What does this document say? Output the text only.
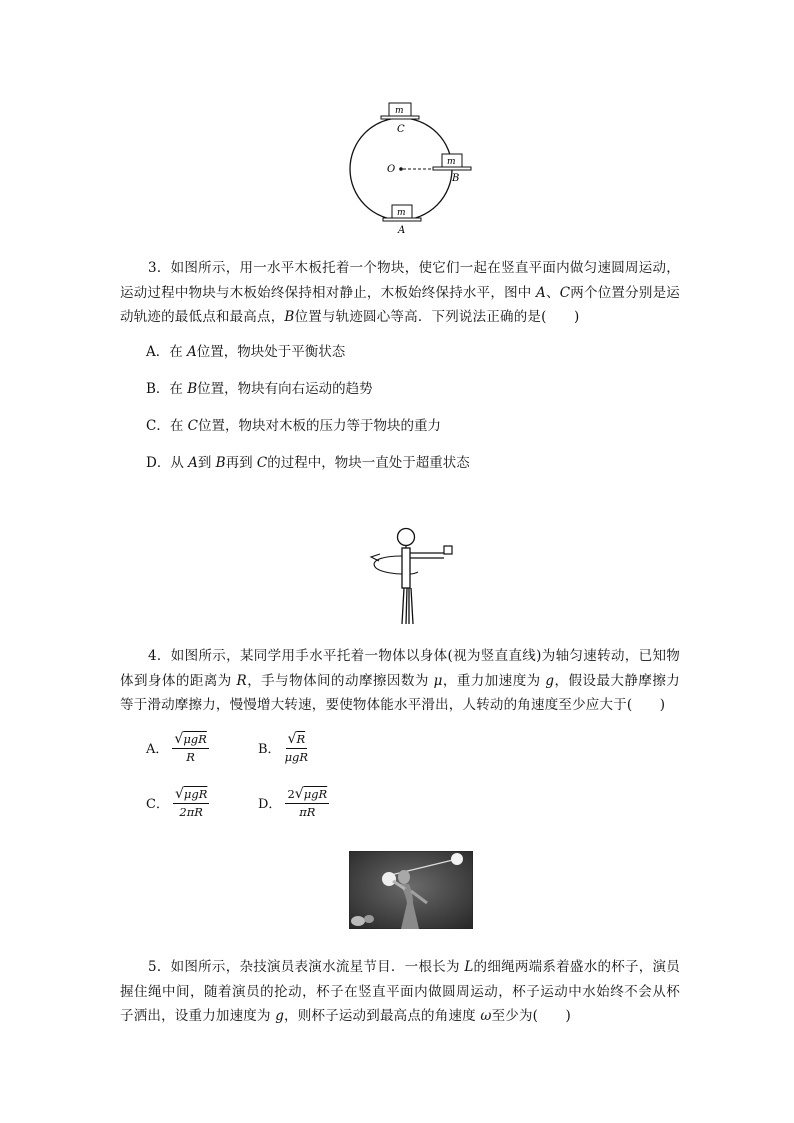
m
C
O
m
B
m
A
3．如图所示，用一水平木板托着一个物块，使它们一起在竖直平面内做匀速圆周运动，运动过程中物块与木板始终保持相对静止，木板始终保持水平，图中 A、C两个位置分别是运动轨迹的最低点和最高点，B位置与轨迹圆心等高．下列说法正确的是(　　)
A．在 A位置，物块处于平衡状态
B．在 B位置，物块有向右运动的趋势
C．在 C位置，物块对木板的压力等于物块的重力
D．从 A到 B再到 C的过程中，物块一直处于超重状态
4．如图所示，某同学用手水平托着一物体以身体(视为竖直直线)为轴匀速转动，已知物体到身体的距离为 R，手与物体间的动摩擦因数为 μ，重力加速度为 g，假设最大静摩擦力等于滑动摩擦力，慢慢增大转速，要使物体能水平滑出，人转动的角速度至少应大于(　　)
A． $\frac{\text{√μgR}}{R}$	B． $\frac{√R}{\text{μgR}}$
C． $\frac{\text{√μgR}}{2\pi R}$	D． $\frac{\text{2√μgR}}{\pi R}$
5．如图所示，杂技演员表演水流星节目．一根长为 L的细绳两端系着盛水的杯子，演员握住绳中间，随着演员的抡动，杯子在竖直平面内做圆周运动，杯子运动中水始终不会从杯子洒出，设重力加速度为 g，则杯子运动到最高点的角速度 ω至少为(　　)
